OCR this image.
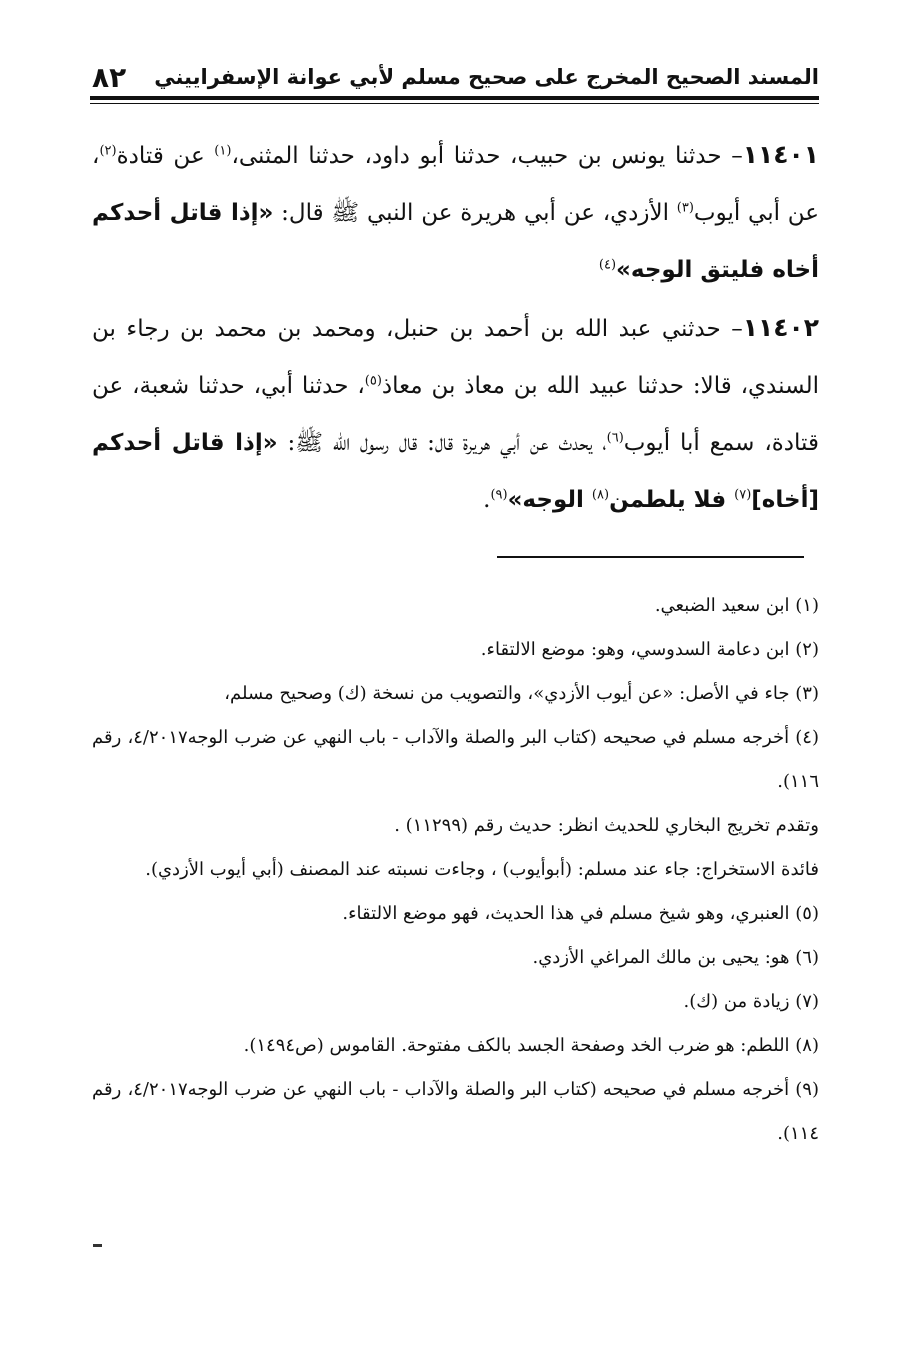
٨٢ المسند الصحيح المخرج على صحيح مسلم لأبي عوانة الإسفراييني

١١٤٠١– حدثنا يونس بن حبيب، حدثنا أبو داود، حدثنا المثنى،$^{(١)}$ عن قتادة$^{(٢)}$، عن أبي أيوب$^{(٣)}$ الأزدي، عن أبي هريرة عن النبي ﷺ قال: «إذا قاتل أحدكم أخاه فليتق الوجه»$^{(٤)}$

١١٤٠٢– حدثني عبد الله بن أحمد بن حنبل، ومحمد بن محمد بن رجاء بن السندي، قالا: حدثنا عبيد الله بن معاذ بن معاذ$^{(٥)}$، حدثنا أبي، حدثنا شعبة، عن قتادة، سمع أبا أيوب$^{(٦)}$، يحدث عن أبي هريرة قال: قال رسول الله ﷺ: «إذا قاتل أحدكم [أخاه]$^{(٧)}$ فلا يلطمن$^{(٨)}$ الوجه»$^{(٩)}$.

(١) ابن سعيد الضبعي.

(٢) ابن دعامة السدوسي، وهو: موضع الالتقاء.

(٣) جاء في الأصل: «عن أيوب الأزدي»، والتصويب من نسخة (ك) وصحيح مسلم،

(٤) أخرجه مسلم في صحيحه (كتاب البر والصلة والآداب - باب النهي عن ضرب الوجه٤/٢٠١٧، رقم ١١٦).

وتقدم تخريج البخاري للحديث انظر: حديث رقم (١١٢٩٩) .

فائدة الاستخراج: جاء عند مسلم: (أبوأيوب) ، وجاءت نسبته عند المصنف (أبي أيوب الأزدي).

(٥) العنبري، وهو شيخ مسلم في هذا الحديث، فهو موضع الالتقاء.

(٦) هو: يحيى بن مالك المراغي الأزدي.

(٧) زيادة من (ك).

(٨) اللطم: هو ضرب الخد وصفحة الجسد بالكف مفتوحة. القاموس (ص١٤٩٤).

(٩) أخرجه مسلم في صحيحه (كتاب البر والصلة والآداب - باب النهي عن ضرب الوجه٤/٢٠١٧، رقم ١١٤).
